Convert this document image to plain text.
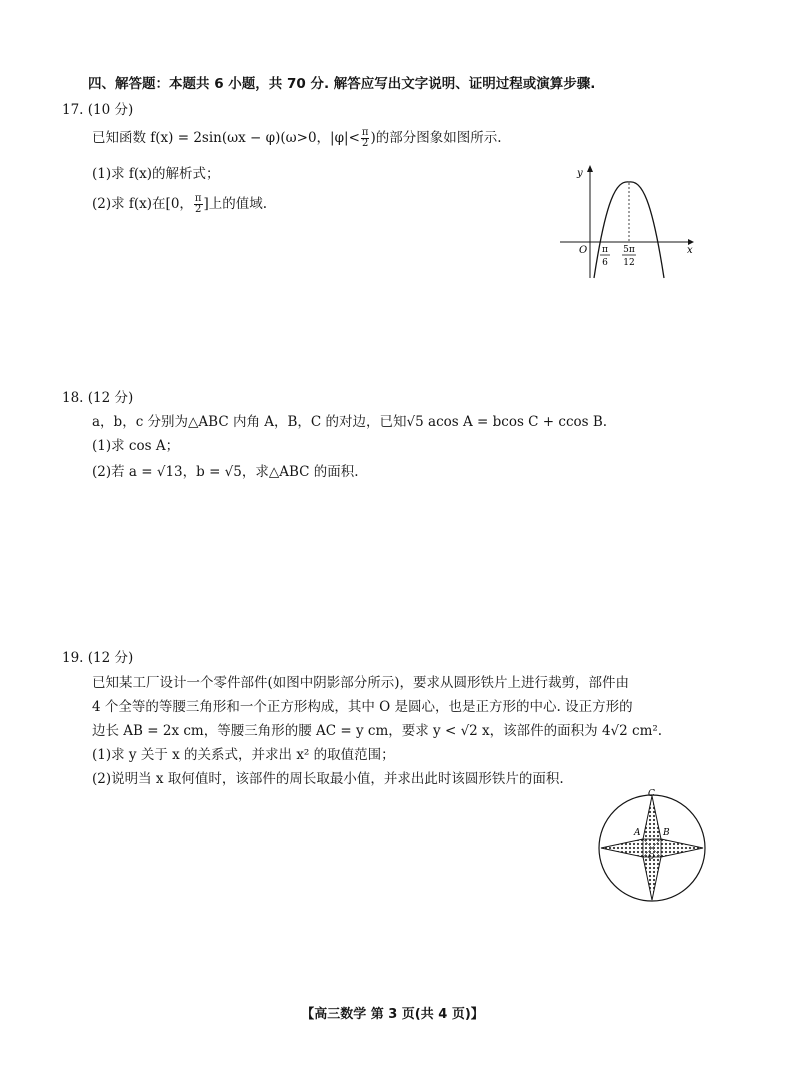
四、解答题：本题共 6 小题，共 70 分. 解答应写出文字说明、证明过程或演算步骤.
17. (10 分)
已知函数 f(x) = 2sin(ωx − φ)(ω>0，$|\varphi|< \frac{\pi}{2}$ )的部分图象如图所示.
(1)求 f(x)的解析式；
(2)求 f(x)在[0， $\frac{\pi}{2}$ ]上的值域.
y
x
O π
6
5π
12
18. (12 分)
a，b，c 分别为△ABC 内角 A，B，C 的对边，已知√5 acos A = bcos C + ccos B.
(1)求 cos A；
(2)若 a = √13，b = √5，求△ABC 的面积.
19. (12 分)
已知某工厂设计一个零件部件(如图中阴影部分所示)，要求从圆形铁片上进行裁剪，部件由
4 个全等的等腰三角形和一个正方形构成，其中 O 是圆心，也是正方形的中心. 设正方形的
边长 AB = 2x cm，等腰三角形的腰 AC = y cm，要求 y < √2 x，该部件的面积为 4√2 cm².
(1)求 y 关于 x 的关系式，并求出 x² 的取值范围；
(2)说明当 x 取何值时，该部件的周长取最小值，并求出此时该圆形铁片的面积.
C
A	B
O
【高三数学 第 3 页(共 4 页)】
